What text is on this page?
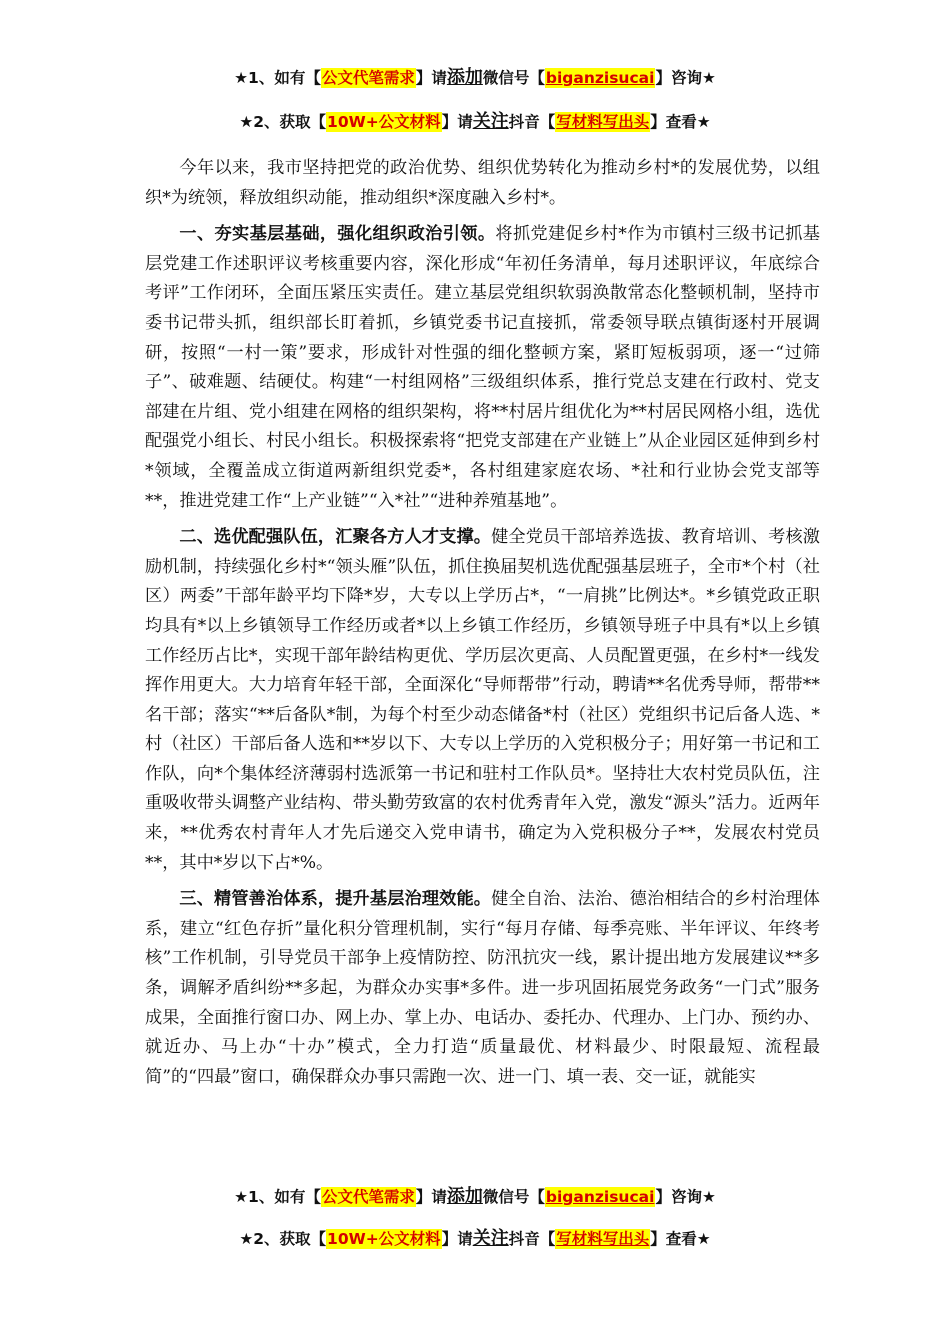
★1、如有【公文代笔需求】请添加微信号【biganzisucai】咨询★
★2、获取【10W+公文材料】请关注抖音【写材料写出头】查看★

今年以来，我市坚持把党的政治优势、组织优势转化为推动乡村*的发展优势，以组织*为统领，释放组织动能，推动组织*深度融入乡村*。

一、夯实基层基础，强化组织政治引领。将抓党建促乡村*作为市镇村三级书记抓基层党建工作述职评议考核重要内容，深化形成“年初任务清单，每月述职评议，年底综合考评”工作闭环，全面压紧压实责任。建立基层党组织软弱涣散常态化整顿机制，坚持市委书记带头抓，组织部长盯着抓，乡镇党委书记直接抓，常委领导联点镇街逐村开展调研，按照“一村一策”要求，形成针对性强的细化整顿方案，紧盯短板弱项，逐一“过筛子”、破难题、结硬仗。构建“一村组网格”三级组织体系，推行党总支建在行政村、党支部建在片组、党小组建在网格的组织架构，将**村居片组优化为**村居民网格小组，选优配强党小组长、村民小组长。积极探索将“把党支部建在产业链上”从企业园区延伸到乡村*领域，全覆盖成立街道两新组织党委*，各村组建家庭农场、*社和行业协会党支部等**，推进党建工作“上产业链”“入*社”“进种养殖基地”。

二、选优配强队伍，汇聚各方人才支撑。健全党员干部培养选拔、教育培训、考核激励机制，持续强化乡村*“领头雁”队伍，抓住换届契机选优配强基层班子，全市*个村（社区）两委”干部年龄平均下降*岁，大专以上学历占*，“一肩挑”比例达*。*乡镇党政正职均具有*以上乡镇领导工作经历或者*以上乡镇工作经历，乡镇领导班子中具有*以上乡镇工作经历占比*，实现干部年龄结构更优、学历层次更高、人员配置更强，在乡村*一线发挥作用更大。大力培育年轻干部，全面深化“导师帮带”行动，聘请**名优秀导师，帮带**名干部；落实“**后备队*制，为每个村至少动态储备*村（社区）党组织书记后备人选、*村（社区）干部后备人选和**岁以下、大专以上学历的入党积极分子；用好第一书记和工作队，向*个集体经济薄弱村选派第一书记和驻村工作队员*。坚持壮大农村党员队伍，注重吸收带头调整产业结构、带头勤劳致富的农村优秀青年入党，激发“源头”活力。近两年来，**优秀农村青年人才先后递交入党申请书，确定为入党积极分子**，发展农村党员**，其中*岁以下占*%。

三、精管善治体系，提升基层治理效能。健全自治、法治、德治相结合的乡村治理体系，建立“红色存折”量化积分管理机制，实行“每月存储、每季亮账、半年评议、年终考核”工作机制，引导党员干部争上疫情防控、防汛抗灾一线，累计提出地方发展建议**多条，调解矛盾纠纷**多起，为群众办实事*多件。进一步巩固拓展党务政务“一门式”服务成果，全面推行窗口办、网上办、掌上办、电话办、委托办、代理办、上门办、预约办、就近办、马上办“十办”模式，全力打造“质量最优、材料最少、时限最短、流程最简”的“四最”窗口，确保群众办事只需跑一次、进一门、填一表、交一证，就能实

★1、如有【公文代笔需求】请添加微信号【biganzisucai】咨询★
★2、获取【10W+公文材料】请关注抖音【写材料写出头】查看★
